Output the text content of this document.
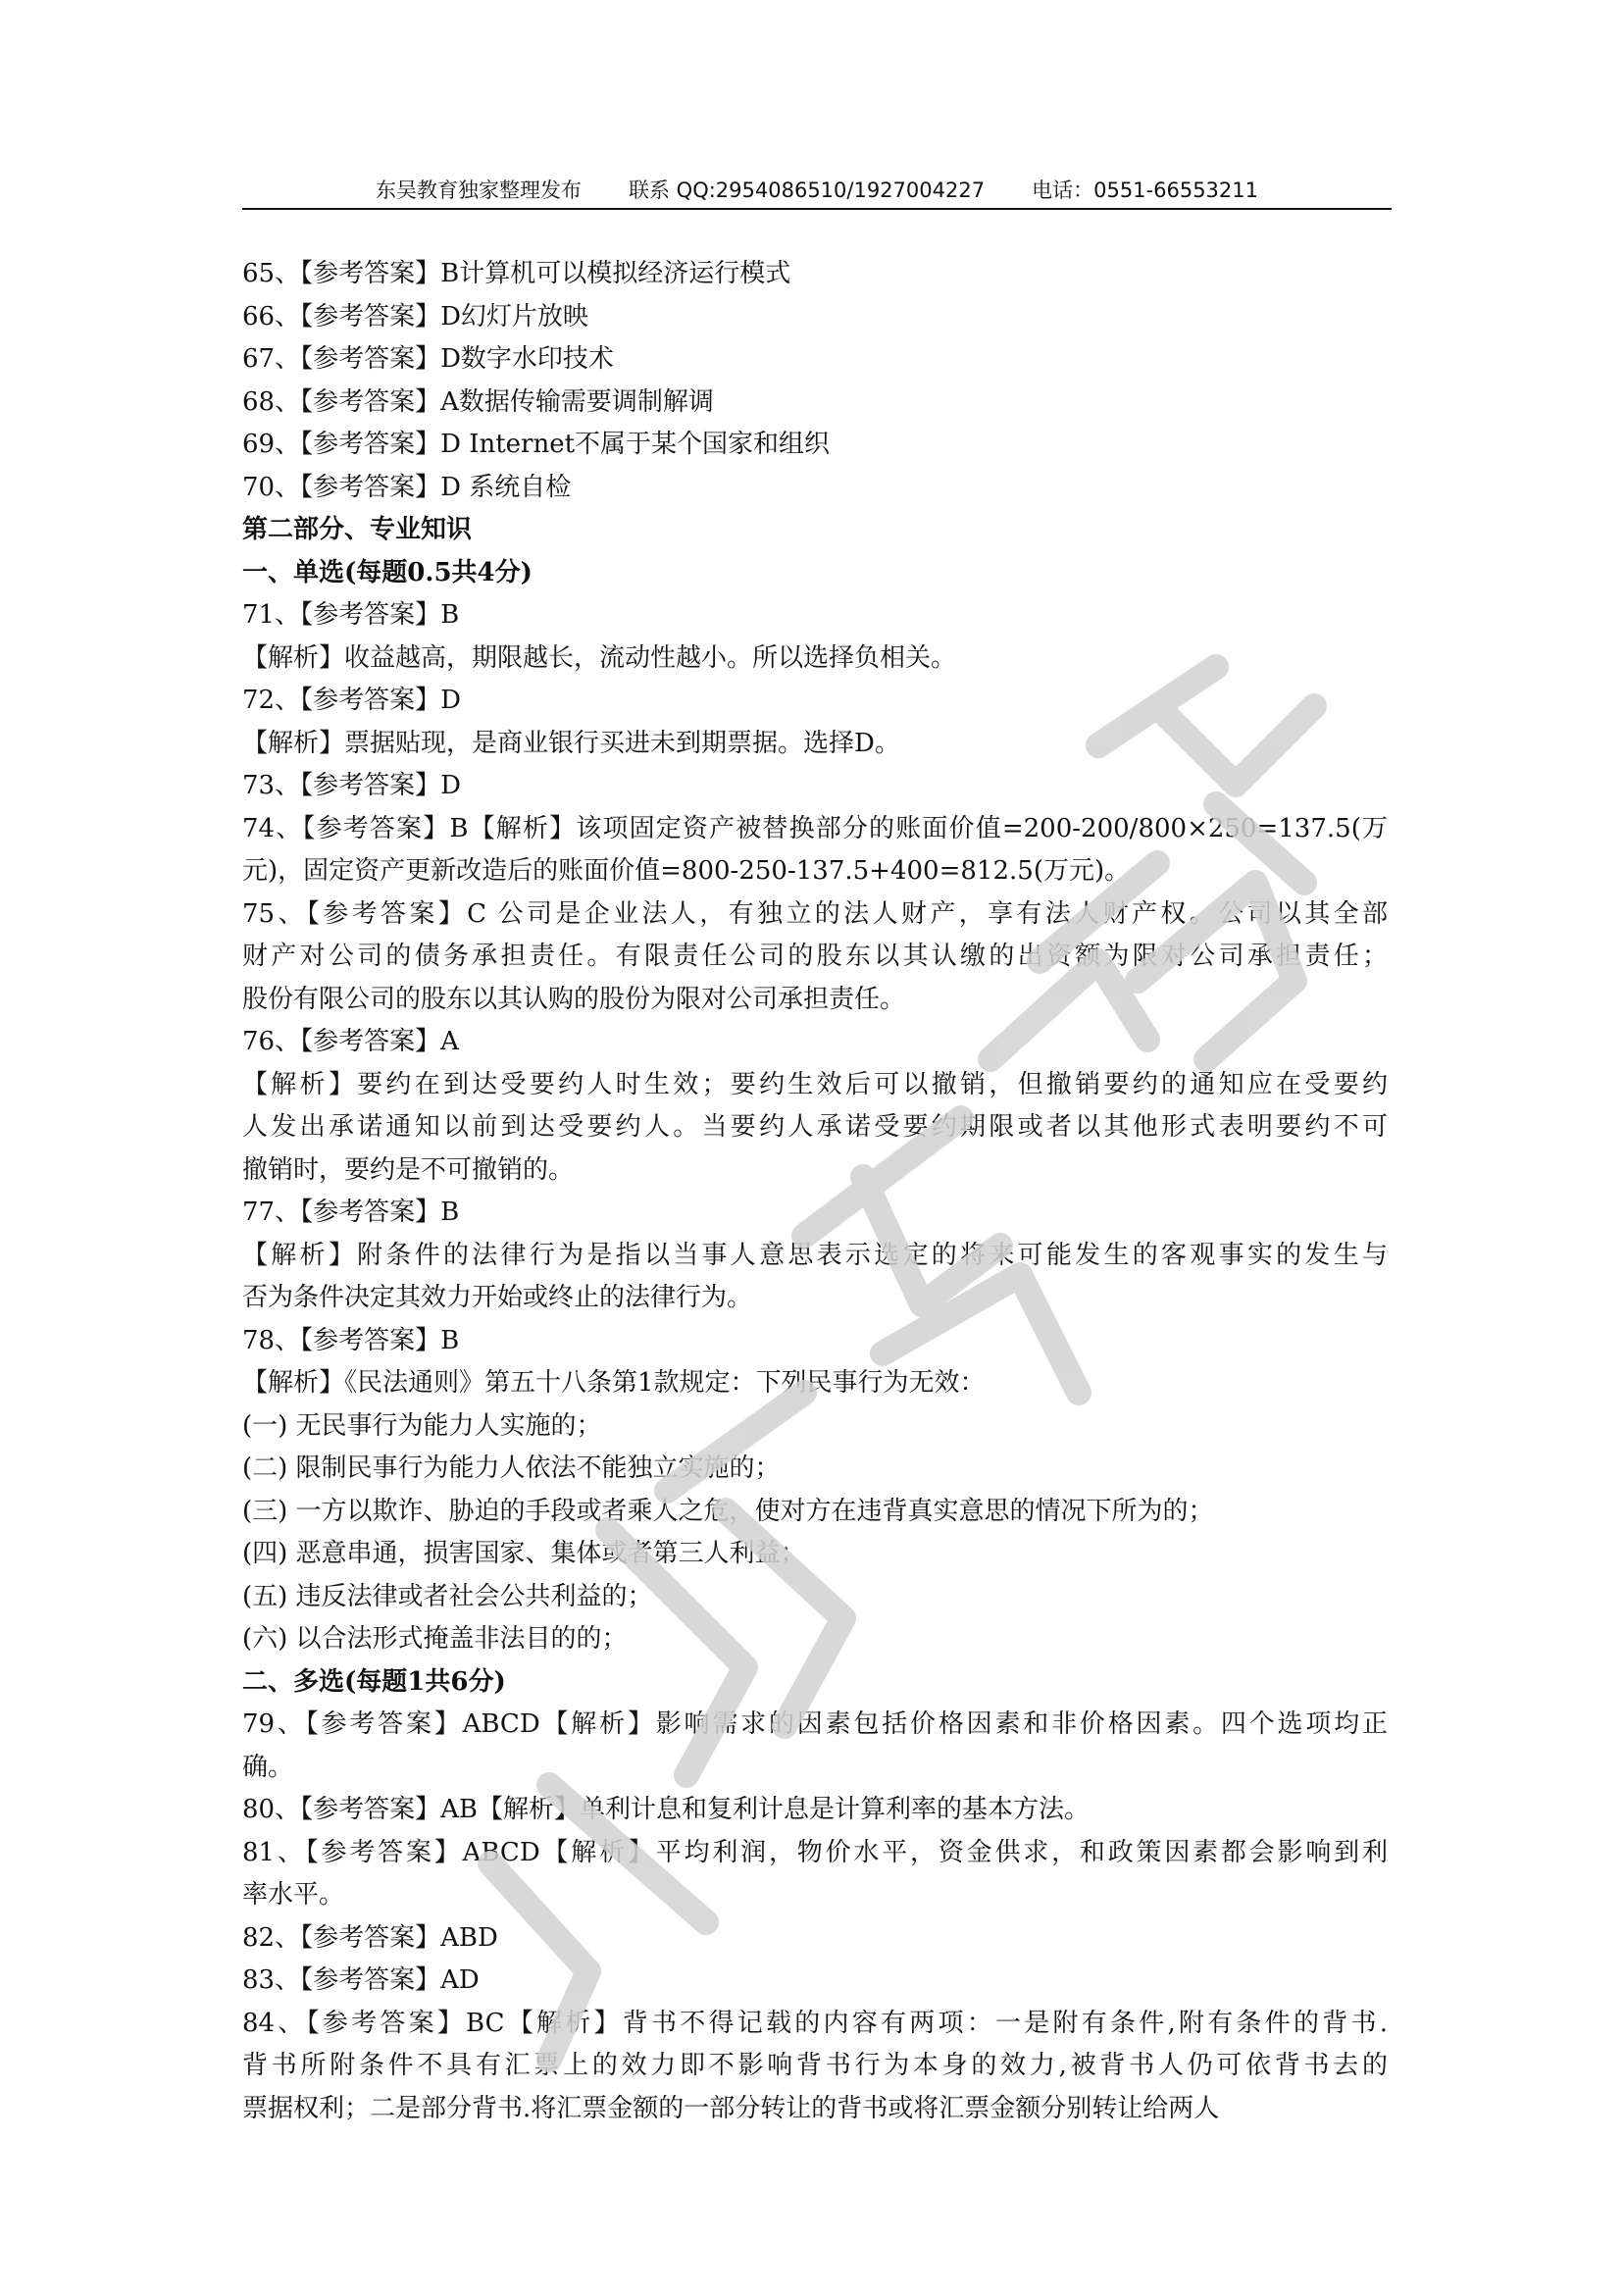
东吴教育独家整理发布 联系 QQ:2954086510/1927004227 电话：0551-66553211
65、【参考答案】B计算机可以模拟经济运行模式
66、【参考答案】D幻灯片放映
67、【参考答案】D数字水印技术
68、【参考答案】A数据传输需要调制解调
69、【参考答案】D Internet不属于某个国家和组织
70、【参考答案】D 系统自检
第二部分、专业知识
一、单选(每题0.5共4分)
71、【参考答案】B
【解析】收益越高，期限越长，流动性越小。所以选择负相关。
72、【参考答案】D
【解析】票据贴现，是商业银行买进未到期票据。选择D。
73、【参考答案】D
74、【参考答案】B【解析】该项固定资产被替换部分的账面价值=200-200/800×250=137.5(万
元)，固定资产更新改造后的账面价值=800-250-137.5+400=812.5(万元)。
75、【参考答案】C 公司是企业法人，有独立的法人财产，享有法人财产权。公司以其全部
财产对公司的债务承担责任。有限责任公司的股东以其认缴的出资额为限对公司承担责任；
股份有限公司的股东以其认购的股份为限对公司承担责任。
76、【参考答案】A
【解析】要约在到达受要约人时生效；要约生效后可以撤销，但撤销要约的通知应在受要约
人发出承诺通知以前到达受要约人。当要约人承诺受要约期限或者以其他形式表明要约不可
撤销时，要约是不可撤销的。
77、【参考答案】B
【解析】附条件的法律行为是指以当事人意思表示选定的将来可能发生的客观事实的发生与
否为条件决定其效力开始或终止的法律行为。
78、【参考答案】B
【解析】《民法通则》第五十八条第1款规定：下列民事行为无效：
(一) 无民事行为能力人实施的；
(二) 限制民事行为能力人依法不能独立实施的；
(三) 一方以欺诈、胁迫的手段或者乘人之危，使对方在违背真实意思的情况下所为的；
(四) 恶意串通，损害国家、集体或者第三人利益；
(五) 违反法律或者社会公共利益的；
(六) 以合法形式掩盖非法目的的；
二、多选(每题1共6分)
79、【参考答案】ABCD【解析】影响需求的因素包括价格因素和非价格因素。四个选项均正
确。
80、【参考答案】AB【解析】单利计息和复利计息是计算利率的基本方法。
81、【参考答案】ABCD【解析】平均利润，物价水平，资金供求，和政策因素都会影响到利
率水平。
82、【参考答案】ABD
83、【参考答案】AD
84、【参考答案】BC【解析】背书不得记载的内容有两项：一是附有条件,附有条件的背书.
背书所附条件不具有汇票上的效力即不影响背书行为本身的效力,被背书人仍可依背书去的
票据权利；二是部分背书.将汇票金额的一部分转让的背书或将汇票金额分别转让给两人
